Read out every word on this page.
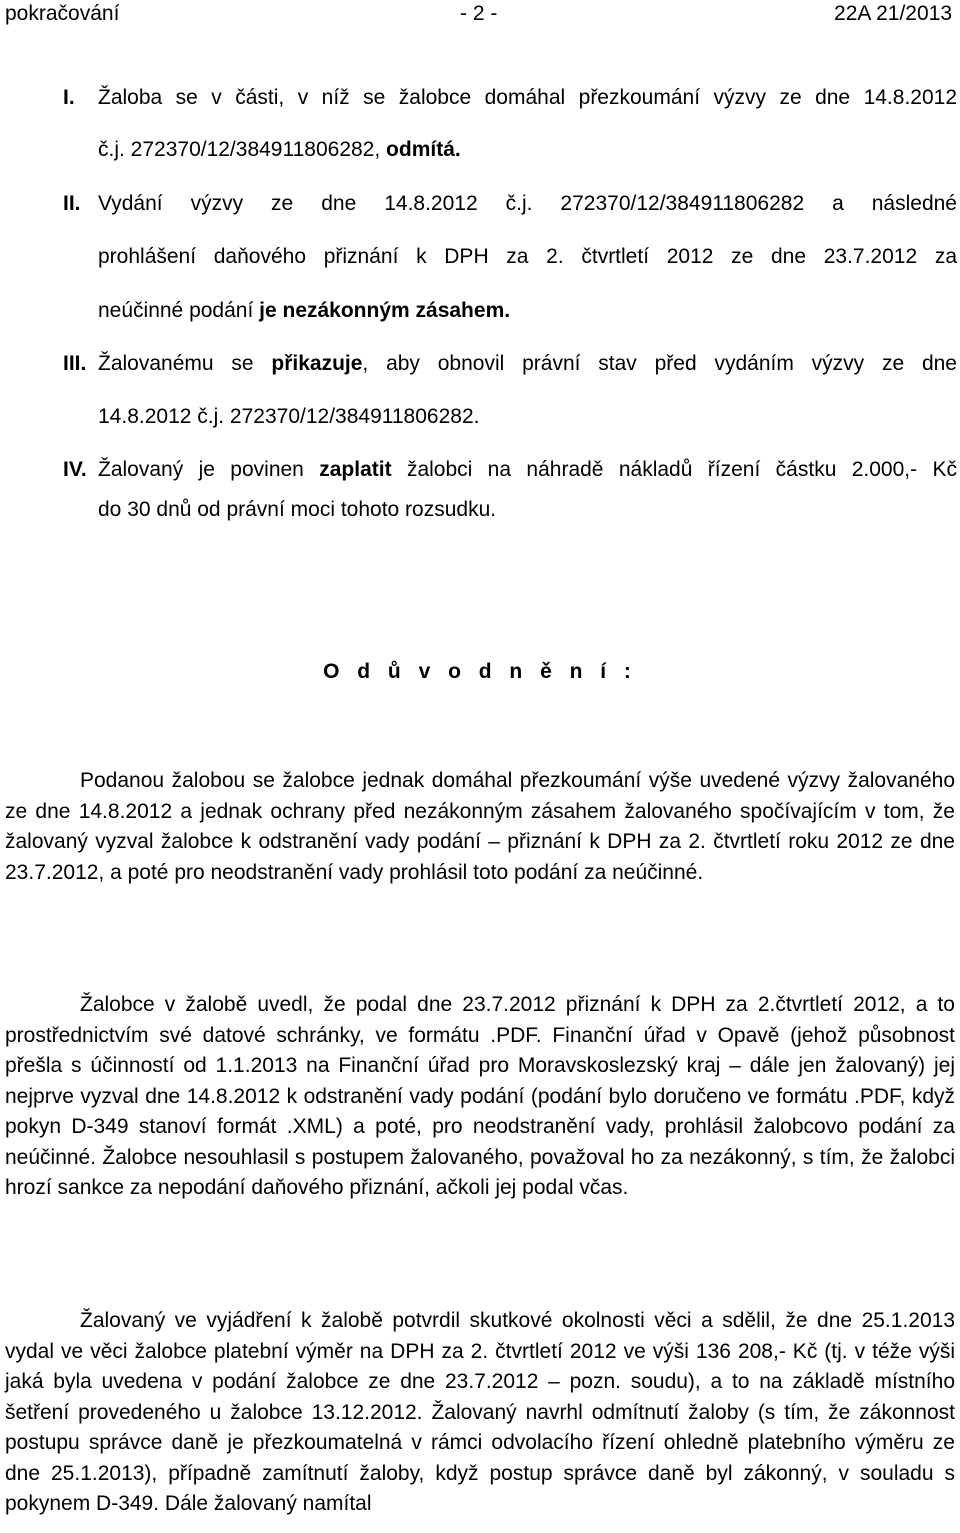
pokračování	- 2 -	22A 21/2013
I. Žaloba se v části, v níž se žalobce domáhal přezkoumání výzvy ze dne 14.8.2012
č.j. 272370/12/384911806282, odmítá.
II. Vydání výzvy ze dne 14.8.2012 č.j. 272370/12/384911806282 a následné
prohlášení daňového přiznání k DPH za 2. čtvrtletí 2012 ze dne 23.7.2012 za
neúčinné podání je nezákonným zásahem.
III. Žalovanému se přikazuje, aby obnovil právní stav před vydáním výzvy ze dne
14.8.2012 č.j. 272370/12/384911806282.
IV. Žalovaný je povinen zaplatit žalobci na náhradě nákladů řízení částku 2.000,- Kč
do 30 dnů od právní moci tohoto rozsudku.
O d ů v o d n ě n í :

Podanou žalobou se žalobce jednak domáhal přezkoumání výše uvedené výzvy žalovaného ze dne 14.8.2012 a jednak ochrany před nezákonným zásahem žalovaného spočívajícím v tom, že žalovaný vyzval žalobce k odstranění vady podání – přiznání k DPH za 2. čtvrtletí roku 2012 ze dne 23.7.2012, a poté pro neodstranění vady prohlásil toto podání za neúčinné.

Žalobce v žalobě uvedl, že podal dne 23.7.2012 přiznání k DPH za 2.čtvrtletí 2012, a to prostřednictvím své datové schránky, ve formátu .PDF. Finanční úřad v Opavě (jehož působnost přešla s účinností od 1.1.2013 na Finanční úřad pro Moravskoslezský kraj – dále jen žalovaný) jej nejprve vyzval dne 14.8.2012 k odstranění vady podání (podání bylo doručeno ve formátu .PDF, když pokyn D-349 stanoví formát .XML) a poté, pro neodstranění vady, prohlásil žalobcovo podání za neúčinné. Žalobce nesouhlasil s postupem žalovaného, považoval ho za nezákonný, s tím, že žalobci hrozí sankce za nepodání daňového přiznání, ačkoli jej podal včas.

Žalovaný ve vyjádření k žalobě potvrdil skutkové okolnosti věci a sdělil, že dne 25.1.2013 vydal ve věci žalobce platební výměr na DPH za 2. čtvrtletí 2012 ve výši 136 208,- Kč (tj. v téže výši jaká byla uvedena v podání žalobce ze dne 23.7.2012 – pozn. soudu), a to na základě místního šetření provedeného u žalobce 13.12.2012. Žalovaný navrhl odmítnutí žaloby (s tím, že zákonnost postupu správce daně je přezkoumatelná v rámci odvolacího řízení ohledně platebního výměru ze dne 25.1.2013), případně zamítnutí žaloby, když postup správce daně byl zákonný, v souladu s pokynem D-349. Dále žalovaný namítal
